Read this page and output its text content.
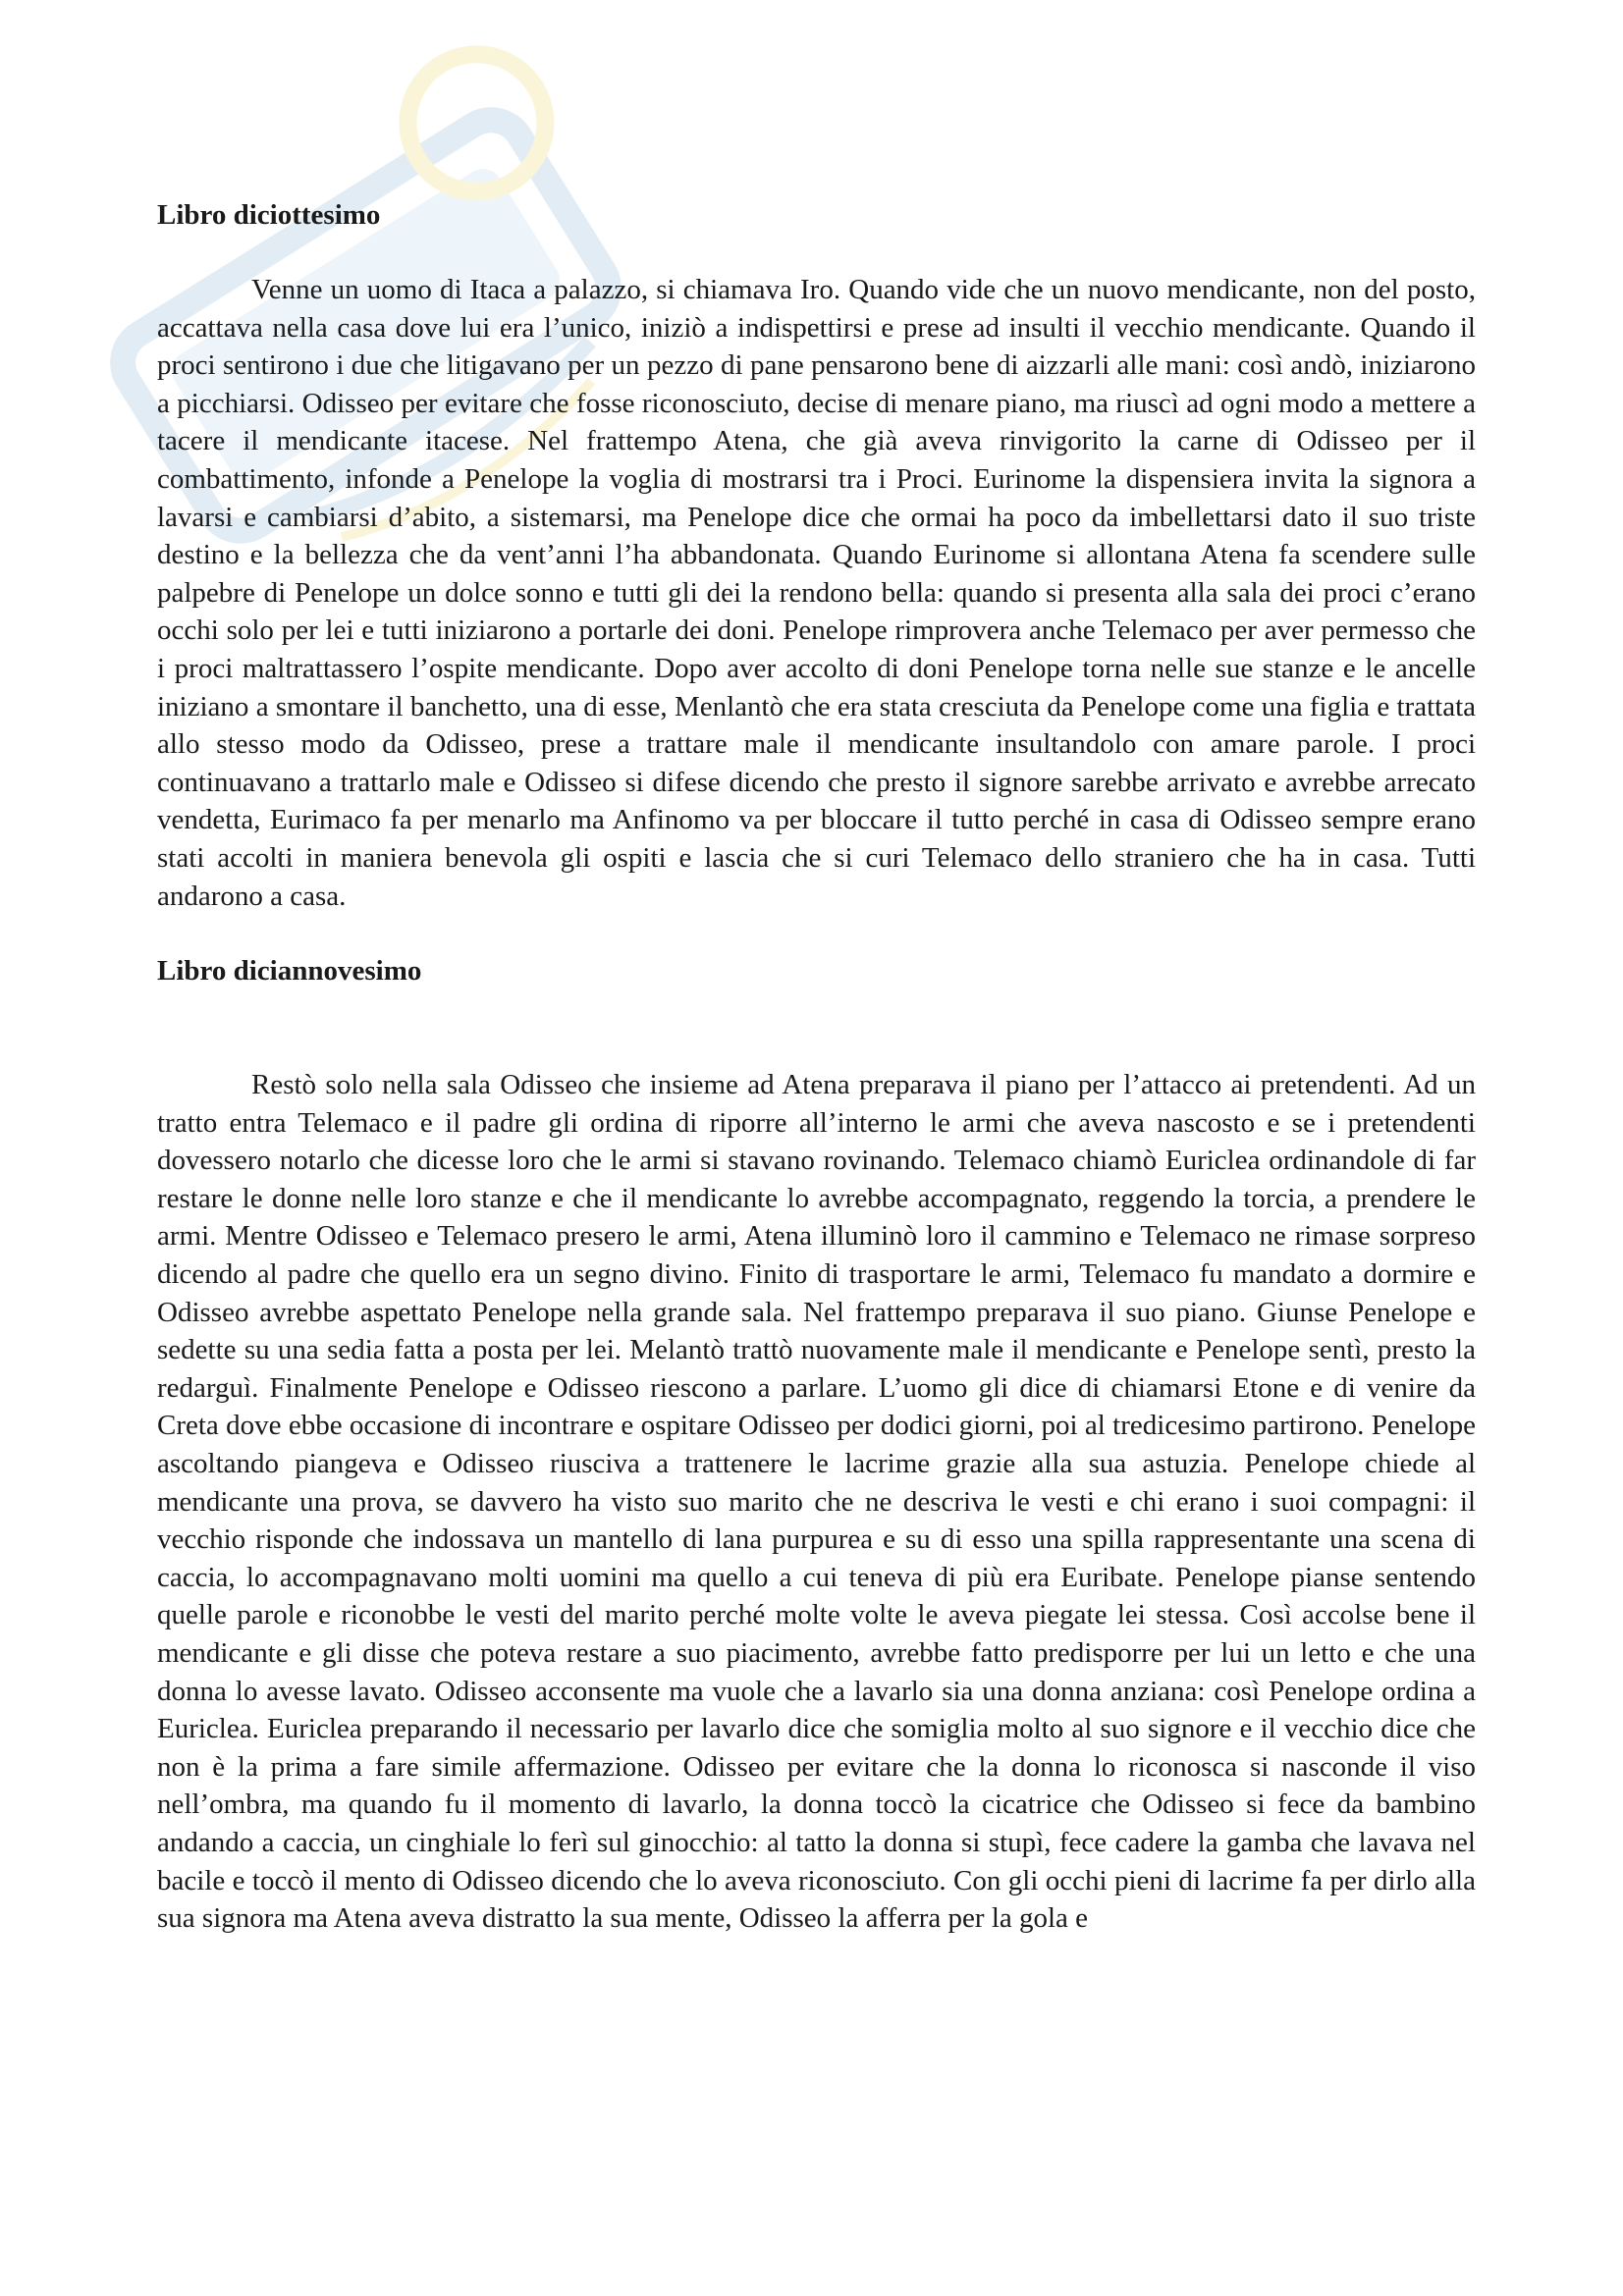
Libro diciottesimo

Venne un uomo di Itaca a palazzo, si chiamava Iro. Quando vide che un nuovo mendicante, non del posto, accattava nella casa dove lui era l’unico, iniziò a indispettirsi e prese ad insulti il vecchio mendicante. Quando il proci sentirono i due che litigavano per un pezzo di pane pensarono bene di aizzarli alle mani: così andò, iniziarono a picchiarsi. Odisseo per evitare che fosse riconosciuto, decise di menare piano, ma riuscì ad ogni modo a mettere a tacere il mendicante itacese. Nel frattempo Atena, che già aveva rinvigorito la carne di Odisseo per il combattimento, infonde a Penelope la voglia di mostrarsi tra i Proci. Eurinome la dispensiera invita la signora a lavarsi e cambiarsi d’abito, a sistemarsi, ma Penelope dice che ormai ha poco da imbellettarsi dato il suo triste destino e la bellezza che da vent’anni l’ha abbandonata. Quando Eurinome si allontana Atena fa scendere sulle palpebre di Penelope un dolce sonno e tutti gli dei la rendono bella: quando si presenta alla sala dei proci c’erano occhi solo per lei e tutti iniziarono a portarle dei doni. Penelope rimprovera anche Telemaco per aver permesso che i proci maltrattassero l’ospite mendicante. Dopo aver accolto di doni Penelope torna nelle sue stanze e le ancelle iniziano a smontare il banchetto, una di esse, Menlantò che era stata cresciuta da Penelope come una figlia e trattata allo stesso modo da Odisseo, prese a trattare male il mendicante insultandolo con amare parole. I proci continuavano a trattarlo male e Odisseo si difese dicendo che presto il signore sarebbe arrivato e avrebbe arrecato vendetta, Eurimaco fa per menarlo ma Anfinomo va per bloccare il tutto perché in casa di Odisseo sempre erano stati accolti in maniera benevola gli ospiti e lascia che si curi Telemaco dello straniero che ha in casa. Tutti andarono a casa.

Libro diciannovesimo

Restò solo nella sala Odisseo che insieme ad Atena preparava il piano per l’attacco ai pretendenti. Ad un tratto entra Telemaco e il padre gli ordina di riporre all’interno le armi che aveva nascosto e se i pretendenti dovessero notarlo che dicesse loro che le armi si stavano rovinando. Telemaco chiamò Euriclea ordinandole di far restare le donne nelle loro stanze e che il mendicante lo avrebbe accompagnato, reggendo la torcia, a prendere le armi. Mentre Odisseo e Telemaco presero le armi, Atena illuminò loro il cammino e Telemaco ne rimase sorpreso dicendo al padre che quello era un segno divino. Finito di trasportare le armi, Telemaco fu mandato a dormire e Odisseo avrebbe aspettato Penelope nella grande sala. Nel frattempo preparava il suo piano. Giunse Penelope e sedette su una sedia fatta a posta per lei. Melantò trattò nuovamente male il mendicante e Penelope sentì, presto la redarguì. Finalmente Penelope e Odisseo riescono a parlare. L’uomo gli dice di chiamarsi Etone e di venire da Creta dove ebbe occasione di incontrare e ospitare Odisseo per dodici giorni, poi al tredicesimo partirono. Penelope ascoltando piangeva e Odisseo riusciva a trattenere le lacrime grazie alla sua astuzia. Penelope chiede al mendicante una prova, se davvero ha visto suo marito che ne descriva le vesti e chi erano i suoi compagni: il vecchio risponde che indossava un mantello di lana purpurea e su di esso una spilla rappresentante una scena di caccia, lo accompagnavano molti uomini ma quello a cui teneva di più era Euribate. Penelope pianse sentendo quelle parole e riconobbe le vesti del marito perché molte volte le aveva piegate lei stessa. Così accolse bene il mendicante e gli disse che poteva restare a suo piacimento, avrebbe fatto predisporre per lui un letto e che una donna lo avesse lavato. Odisseo acconsente ma vuole che a lavarlo sia una donna anziana: così Penelope ordina a Euriclea. Euriclea preparando il necessario per lavarlo dice che somiglia molto al suo signore e il vecchio dice che non è la prima a fare simile affermazione. Odisseo per evitare che la donna lo riconosca si nasconde il viso nell’ombra, ma quando fu il momento di lavarlo, la donna toccò la cicatrice che Odisseo si fece da bambino andando a caccia, un cinghiale lo ferì sul ginocchio: al tatto la donna si stupì, fece cadere la gamba che lavava nel bacile e toccò il mento di Odisseo dicendo che lo aveva riconosciuto. Con gli occhi pieni di lacrime fa per dirlo alla sua signora ma Atena aveva distratto la sua mente, Odisseo la afferra per la gola e
